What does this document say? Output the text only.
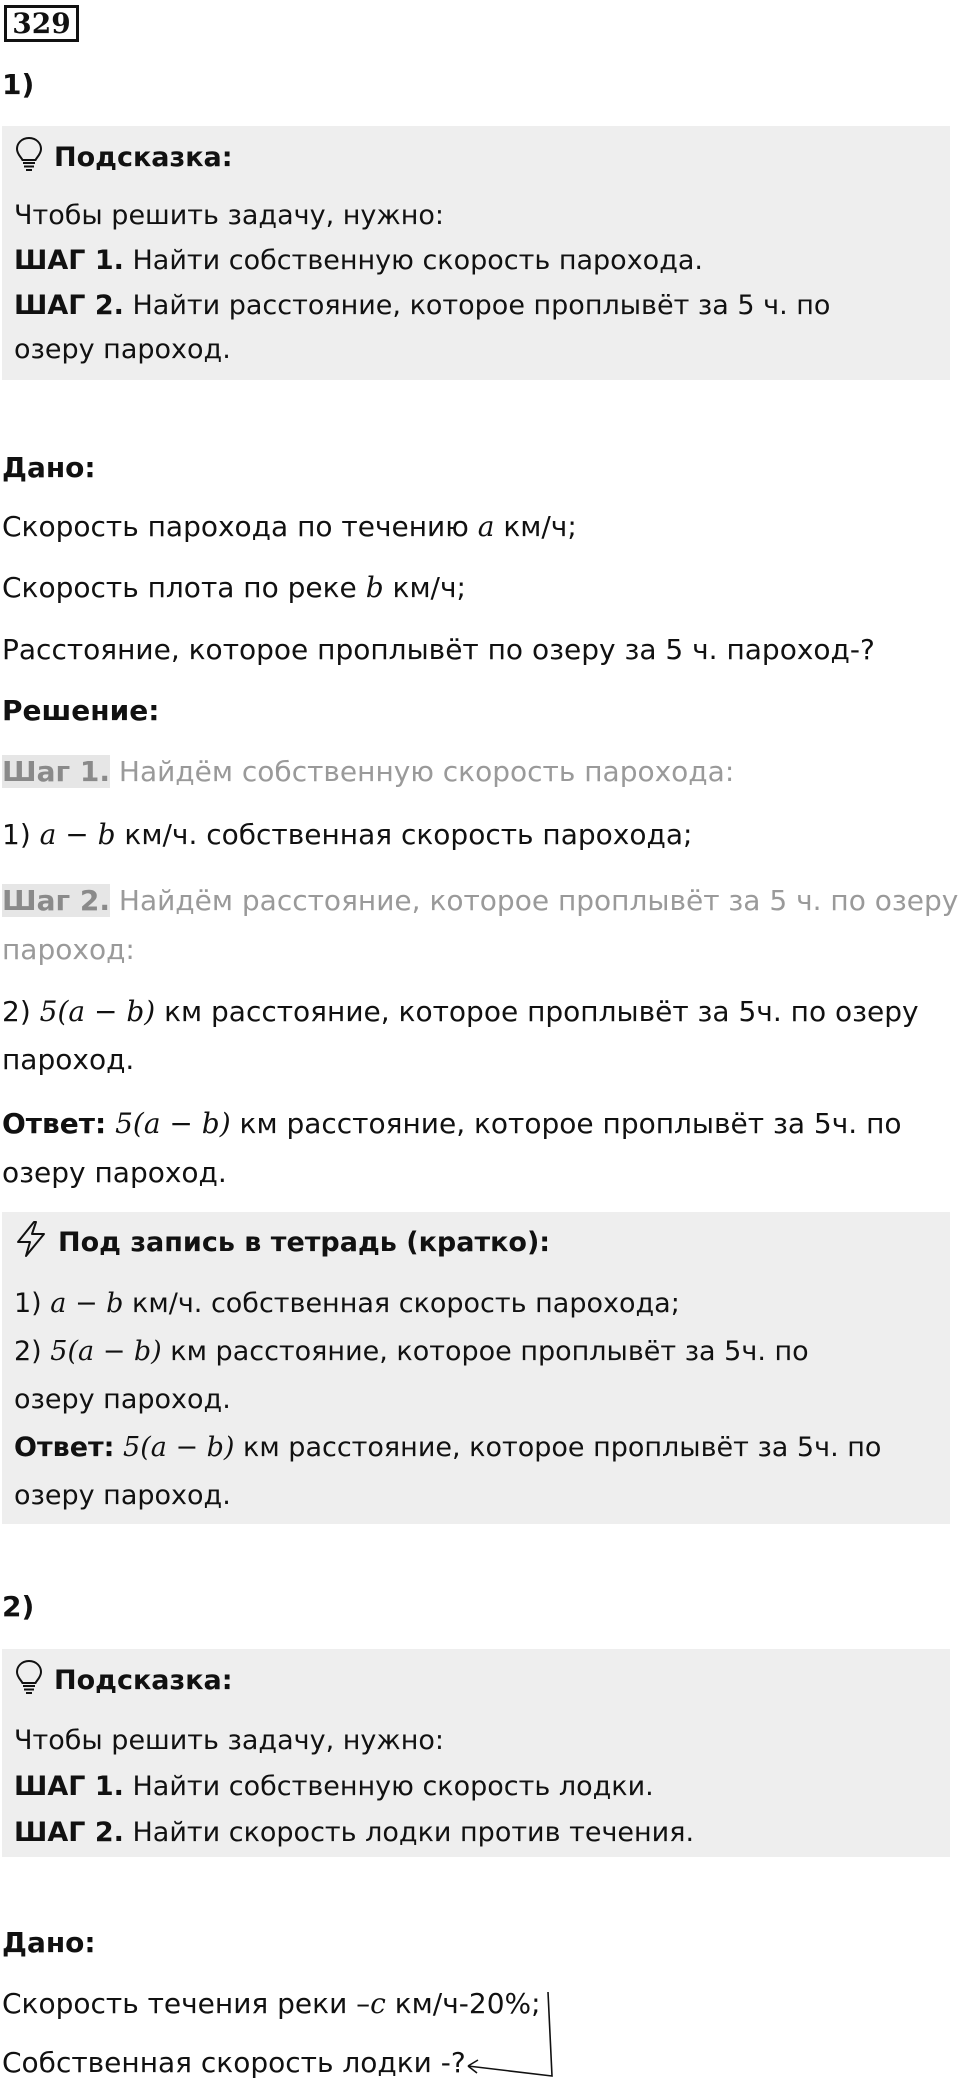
329
1)
Подсказка:
Чтобы решить задачу, нужно:
ШАГ 1. Найти собственную скорость парохода.
ШАГ 2. Найти расстояние, которое проплывёт за 5 ч. по
озеру пароход.
Дано:
Скорость парохода по течению a км/ч;
Скорость плота по реке b км/ч;
Расстояние, которое проплывёт по озеру за 5 ч. пароход-?
Решение:
Шаг 1. Найдём собственную скорость парохода:
1) a − b км/ч. собственная скорость парохода;
Шаг 2. Найдём расстояние, которое проплывёт за 5 ч. по озеру
пароход:
2) 5(a − b) км расстояние, которое проплывёт за 5ч. по озеру
пароход.
Ответ: 5(a − b) км расстояние, которое проплывёт за 5ч. по
озеру пароход.
Под запись в тетрадь (кратко):
1) a − b км/ч. собственная скорость парохода;
2) 5(a − b) км расстояние, которое проплывёт за 5ч. по
озеру пароход.
Ответ: 5(a − b) км расстояние, которое проплывёт за 5ч. по
озеру пароход.
2)
Подсказка:
Чтобы решить задачу, нужно:
ШАГ 1. Найти собственную скорость лодки.
ШАГ 2. Найти скорость лодки против течения.
Дано:
Скорость течения реки –c км/ч-20%;
Собственная скорость лодки -?
